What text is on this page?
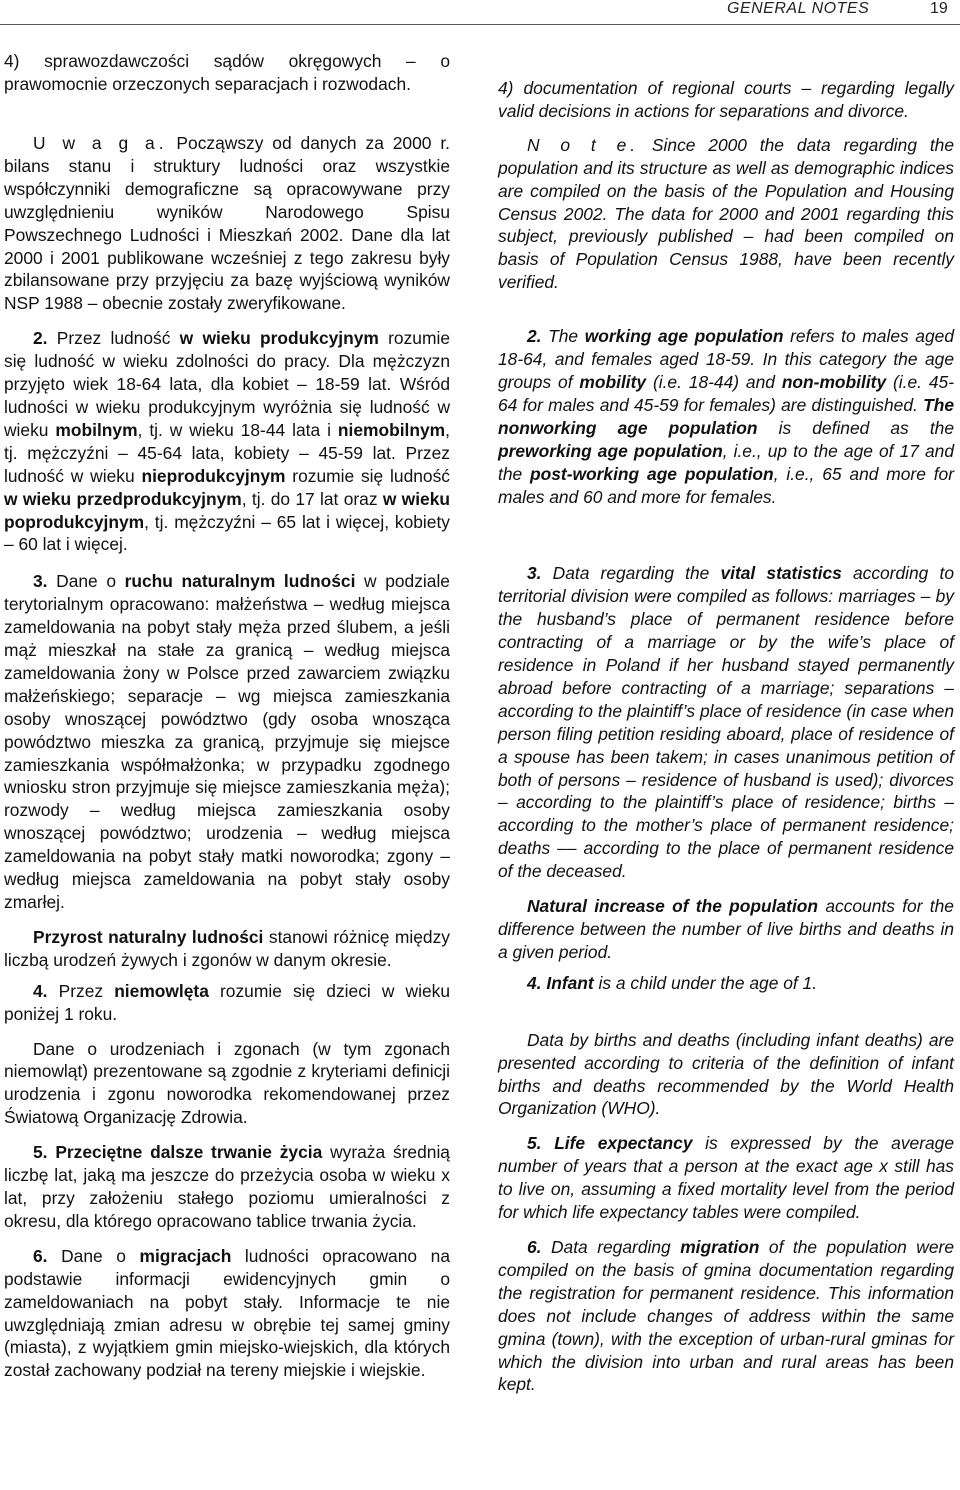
GENERAL NOTES	19

4) sprawozdawczości sądów okręgowych – o prawomocnie orzeczonych separacjach i rozwodach.

U w a g a. Począwszy od danych za 2000 r. bilans stanu i struktury ludności oraz wszystkie współczynniki demograficzne są opracowywane przy uwzględnieniu wyników Narodowego Spisu Powszechnego Ludności i Mieszkań 2002. Dane dla lat 2000 i 2001 publikowane wcześniej z tego zakresu były zbilansowane przy przyjęciu za bazę wyjściową wyników NSP 1988 – obecnie zostały zweryfikowane.

2. Przez ludność w wieku produkcyjnym rozumie się ludność w wieku zdolności do pracy. Dla mężczyzn przyjęto wiek 18-64 lata, dla kobiet – 18-59 lat. Wśród ludności w wieku produkcyjnym wyróżnia się ludność w wieku mobilnym, tj. w wieku 18-44 lata i niemobilnym, tj. mężczyźni – 45-64 lata, kobiety – 45-59 lat. Przez ludność w wieku nieprodukcyjnym rozumie się ludność w wieku przedprodukcyjnym, tj. do 17 lat oraz w wieku poprodukcyjnym, tj. mężczyźni – 65 lat i więcej, kobiety – 60 lat i więcej.

3. Dane o ruchu naturalnym ludności w podziale terytorialnym opracowano: małżeństwa – według miejsca zameldowania na pobyt stały męża przed ślubem, a jeśli mąż mieszkał na stałe za granicą – według miejsca zameldowania żony w Polsce przed zawarciem związku małżeńskiego; separacje – wg miejsca zamieszkania osoby wnoszącej powództwo (gdy osoba wnosząca powództwo mieszka za granicą, przyjmuje się miejsce zamieszkania współmałżonka; w przypadku zgodnego wniosku stron przyjmuje się miejsce zamieszkania męża); rozwody – według miejsca zamieszkania osoby wnoszącej powództwo; urodzenia – według miejsca zameldowania na pobyt stały matki noworodka; zgony – według miejsca zameldowania na pobyt stały osoby zmarłej.

Przyrost naturalny ludności stanowi różnicę między liczbą urodzeń żywych i zgonów w danym okresie.

4. Przez niemowlęta rozumie się dzieci w wieku poniżej 1 roku.

Dane o urodzeniach i zgonach (w tym zgonach niemowląt) prezentowane są zgodnie z kryteriami definicji urodzenia i zgonu noworodka rekomendowanej przez Światową Organizację Zdrowia.

5. Przeciętne dalsze trwanie życia wyraża średnią liczbę lat, jaką ma jeszcze do przeżycia osoba w wieku x lat, przy założeniu stałego poziomu umieralności z okresu, dla którego opracowano tablice trwania życia.

6. Dane o migracjach ludności opracowano na podstawie informacji ewidencyjnych gmin o zameldowaniach na pobyt stały. Informacje te nie uwzględniają zmian adresu w obrębie tej samej gminy (miasta), z wyjątkiem gmin miejsko-wiejskich, dla których został zachowany podział na tereny miejskie i wiejskie.

4) documentation of regional courts – regarding legally valid decisions in actions for separations and divorce.

N o t e. Since 2000 the data regarding the population and its structure as well as demographic indices are compiled on the basis of the Population and Housing Census 2002. The data for 2000 and 2001 regarding this subject, previously published – had been compiled on basis of Population Census 1988, have been recently verified.

2. The working age population refers to males aged 18-64, and females aged 18-59. In this category the age groups of mobility (i.e. 18-44) and non-mobility (i.e. 45-64 for males and 45-59 for females) are distinguished. The nonworking age population is defined as the preworking age population, i.e., up to the age of 17 and the post-working age population, i.e., 65 and more for males and 60 and more for females.

3. Data regarding the vital statistics according to territorial division were compiled as follows: marriages – by the husband’s place of permanent residence before contracting of a marriage or by the wife’s place of residence in Poland if her husband stayed permanently abroad before contracting of a marriage; separations – according to the plaintiff’s place of residence (in case when person filing petition residing aboard, place of residence of a spouse has been takem; in cases unanimous petition of both of persons – residence of husband is used); divorces – according to the plaintiff’s place of residence; births – according to the mother’s place of permanent residence; deaths –– according to the place of permanent residence of the deceased.

Natural increase of the population accounts for the difference between the number of live births and deaths in a given period.

4. Infant is a child under the age of 1.

Data by births and deaths (including infant deaths) are presented according to criteria of the definition of infant births and deaths recommended by the World Health Organization (WHO).

5. Life expectancy is expressed by the average number of years that a person at the exact age x still has to live on, assuming a fixed mortality level from the period for which life expectancy tables were compiled.

6. Data regarding migration of the population were compiled on the basis of gmina documentation regarding the registration for permanent residence. This information does not include changes of address within the same gmina (town), with the exception of urban-rural gminas for which the division into urban and rural areas has been kept.
